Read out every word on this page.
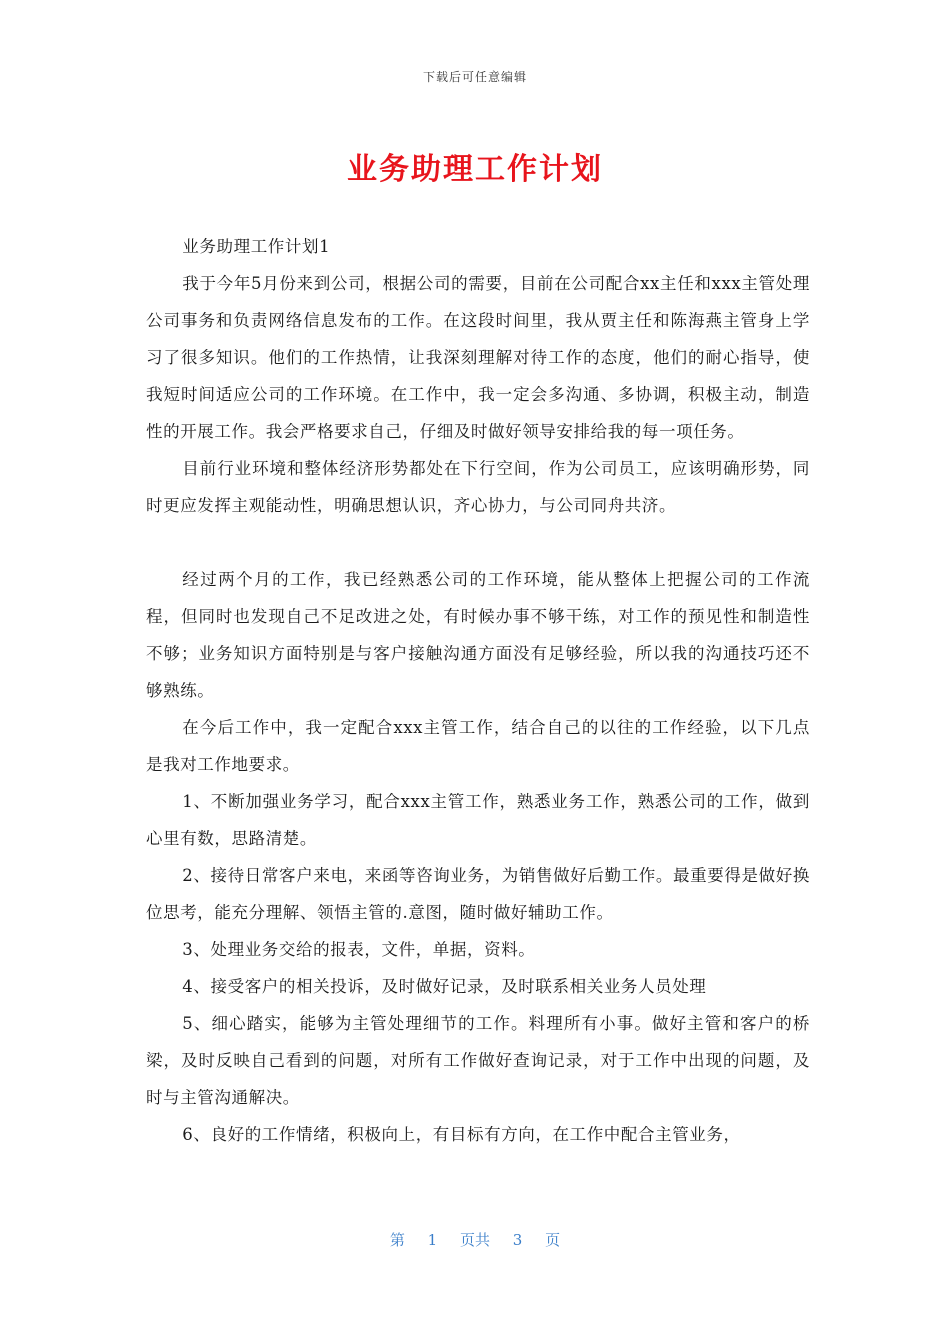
下载后可任意编辑
业务助理工作计划

业务助理工作计划1

我于今年5月份来到公司，根据公司的需要，目前在公司配合xx主任和xxx主管处理公司事务和负责网络信息发布的工作。在这段时间里，我从贾主任和陈海燕主管身上学习了很多知识。他们的工作热情，让我深刻理解对待工作的态度，他们的耐心指导，使我短时间适应公司的工作环境。在工作中，我一定会多沟通、多协调，积极主动，制造性的开展工作。我会严格要求自己，仔细及时做好领导安排给我的每一项任务。

目前行业环境和整体经济形势都处在下行空间，作为公司员工，应该明确形势，同时更应发挥主观能动性，明确思想认识，齐心协力，与公司同舟共济。

经过两个月的工作，我已经熟悉公司的工作环境，能从整体上把握公司的工作流程，但同时也发现自己不足改进之处，有时候办事不够干练，对工作的预见性和制造性不够；业务知识方面特别是与客户接触沟通方面没有足够经验，所以我的沟通技巧还不够熟练。

在今后工作中，我一定配合xxx主管工作，结合自己的以往的工作经验，以下几点是我对工作地要求。

1、不断加强业务学习，配合xxx主管工作，熟悉业务工作，熟悉公司的工作，做到心里有数，思路清楚。

2、接待日常客户来电，来函等咨询业务，为销售做好后勤工作。最重要得是做好换位思考，能充分理解、领悟主管的.意图，随时做好辅助工作。

3、处理业务交给的报表，文件，单据，资料。

4、接受客户的相关投诉，及时做好记录，及时联系相关业务人员处理

5、细心踏实，能够为主管处理细节的工作。料理所有小事。做好主管和客户的桥梁，及时反映自己看到的问题，对所有工作做好查询记录，对于工作中出现的问题，及时与主管沟通解决。

6、良好的工作情绪，积极向上，有目标有方向，在工作中配合主管业务，

第 1 页共 3 页
